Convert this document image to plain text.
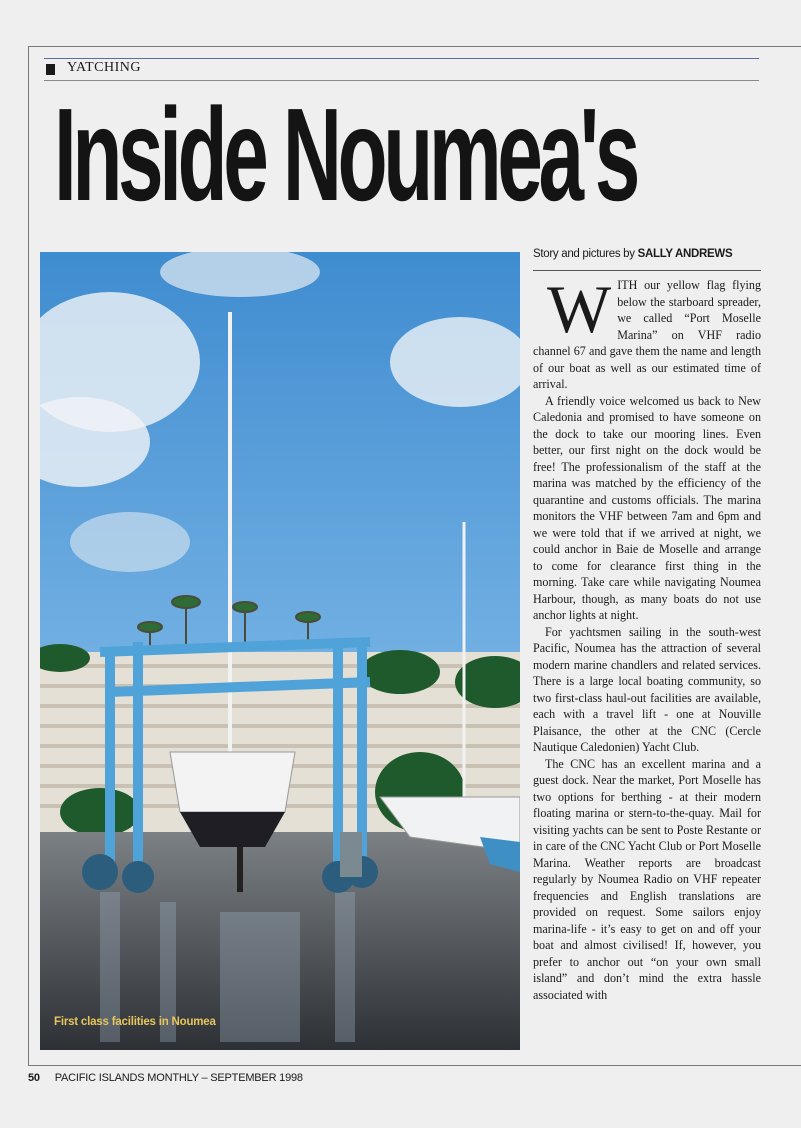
YATCHING
Inside Noumea's
First class facilities in Noumea
Story and pictures by SALLY ANDREWS

WITH our yellow flag flying below the starboard spreader, we called “Port Moselle Marina” on VHF radio channel 67 and gave them the name and length of our boat as well as our estimated time of arrival.

A friendly voice welcomed us back to New Caledonia and promised to have someone on the dock to take our mooring lines. Even better, our first night on the dock would be free! The professionalism of the staff at the marina was matched by the efficiency of the quarantine and customs officials. The marina monitors the VHF between 7am and 6pm and we were told that if we arrived at night, we could anchor in Baie de Moselle and arrange to come for clearance first thing in the morning. Take care while navigating Noumea Harbour, though, as many boats do not use anchor lights at night.

For yachtsmen sailing in the south-west Pacific, Noumea has the attraction of several modern marine chandlers and related services. There is a large local boating community, so two first-class haul-out facilities are available, each with a travel lift - one at Nouville Plaisance, the other at the CNC (Cercle Nautique Caledonien) Yacht Club.

The CNC has an excellent marina and a guest dock. Near the market, Port Moselle has two options for berthing - at their modern floating marina or stern-to-the-quay. Mail for visiting yachts can be sent to Poste Restante or in care of the CNC Yacht Club or Port Moselle Marina. Weather reports are broadcast regularly by Noumea Radio on VHF repeater frequencies and English translations are provided on request. Some sailors enjoy marina-life - it’s easy to get on and off your boat and almost civilised! If, however, you prefer to anchor out “on your own small island” and don’t mind the extra hassle associated with

50 PACIFIC ISLANDS MONTHLY – SEPTEMBER 1998
